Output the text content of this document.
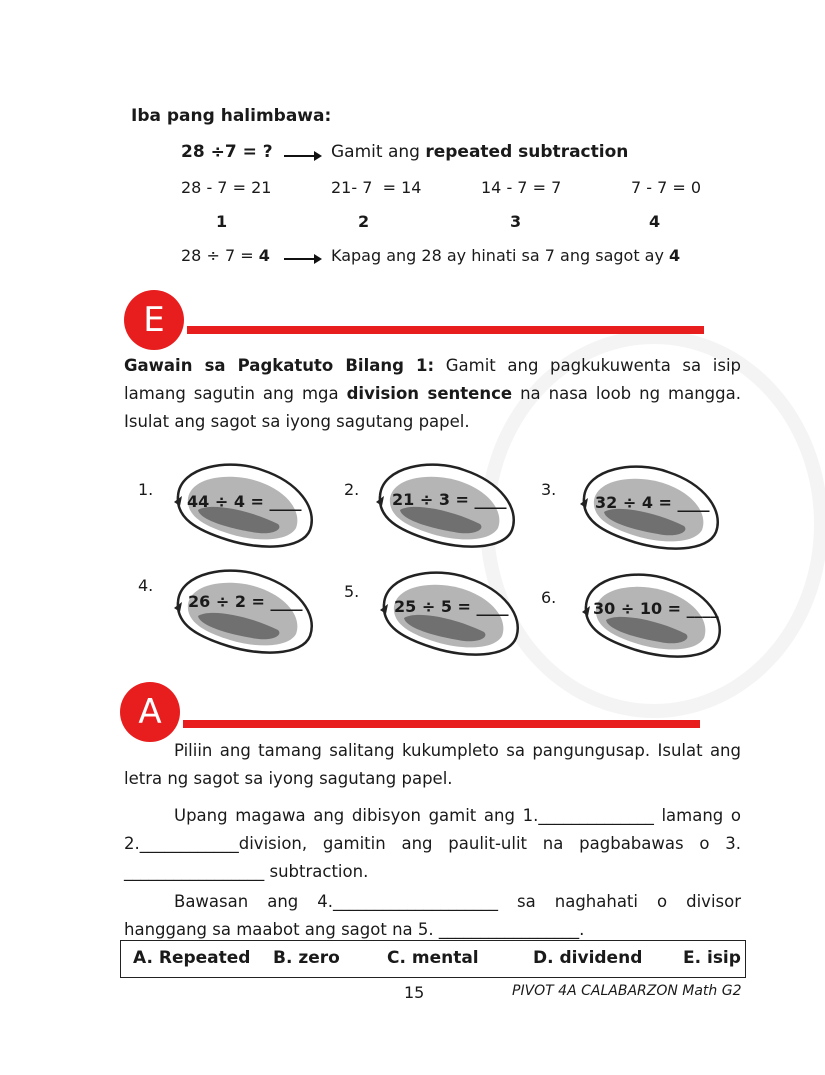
Iba pang halimbawa:
28 ÷7 = ?	Gamit ang repeated subtraction
28 - 7 = 21	21- 7  = 14	14 - 7 = 7	7 - 7 = 0
1	2	3	4
28 ÷ 7 = 4	Kapag ang 28 ay hinati sa 7 ang sagot ay 4
E
Gawain sa Pagkatuto Bilang 1: Gamit ang pagkukuwenta sa isip lamang sagutin ang mga division sentence na nasa loob ng mangga. Isulat ang sagot sa iyong sagutang papel.
1.
44 ÷ 4 = ____
2.
21 ÷ 3 = ____
3.
32 ÷ 4 = ____
4.
26 ÷ 2 = ____
5.
25 ÷ 5 = ____ 6.
30 ÷ 10 = ____
A
Piliin ang tamang salitang kukumpleto sa pangungusap. Isulat ang letra ng sagot sa iyong sagutang papel.
Upang magawa ang dibisyon gamit ang 1.______________ lamang o 2.____________division, gamitin ang paulit-ulit na pagbabawas o 3. _________________ subtraction.
Bawasan ang 4.____________________ sa naghahati o divisor hanggang sa maabot ang sagot na 5. _________________.
A. Repeated B. zero	C. mental	D. dividend E. isip
15	PIVOT 4A CALABARZON Math G2
